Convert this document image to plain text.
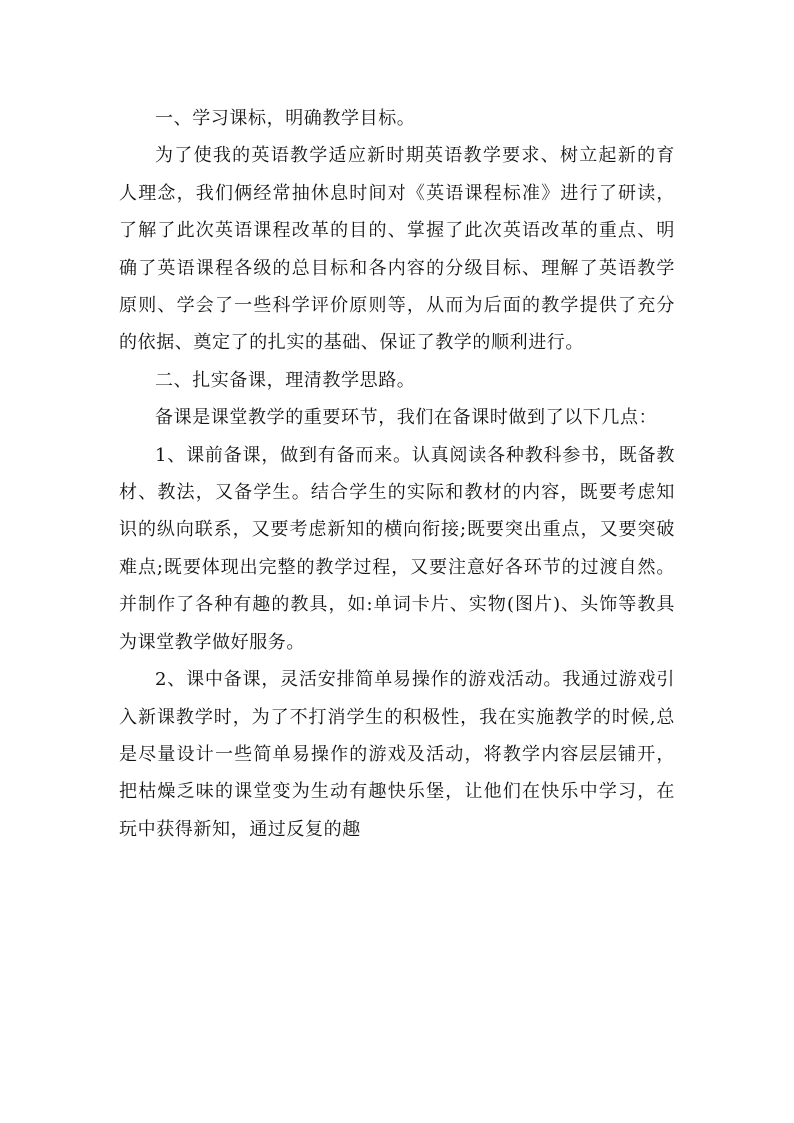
一、学习课标，明确教学目标。

为了使我的英语教学适应新时期英语教学要求、树立起新的育人理念，我们俩经常抽休息时间对《英语课程标准》进行了研读，了解了此次英语课程改革的目的、掌握了此次英语改革的重点、明确了英语课程各级的总目标和各内容的分级目标、理解了英语教学原则、学会了一些科学评价原则等，从而为后面的教学提供了充分的依据、奠定了的扎实的基础、保证了教学的顺利进行。

二、扎实备课，理清教学思路。

备课是课堂教学的重要环节，我们在备课时做到了以下几点：

1、课前备课，做到有备而来。认真阅读各种教科参书，既备教材、教法，又备学生。结合学生的实际和教材的内容，既要考虑知识的纵向联系，又要考虑新知的横向衔接;既要突出重点，又要突破难点;既要体现出完整的教学过程，又要注意好各环节的过渡自然。并制作了各种有趣的教具，如:单词卡片、实物(图片)、头饰等教具为课堂教学做好服务。

2、课中备课，灵活安排简单易操作的游戏活动。我通过游戏引入新课教学时，为了不打消学生的积极性，我在实施教学的时候,总是尽量设计一些简单易操作的游戏及活动，将教学内容层层铺开，把枯燥乏味的课堂变为生动有趣快乐堡，让他们在快乐中学习，在玩中获得新知，通过反复的趣
